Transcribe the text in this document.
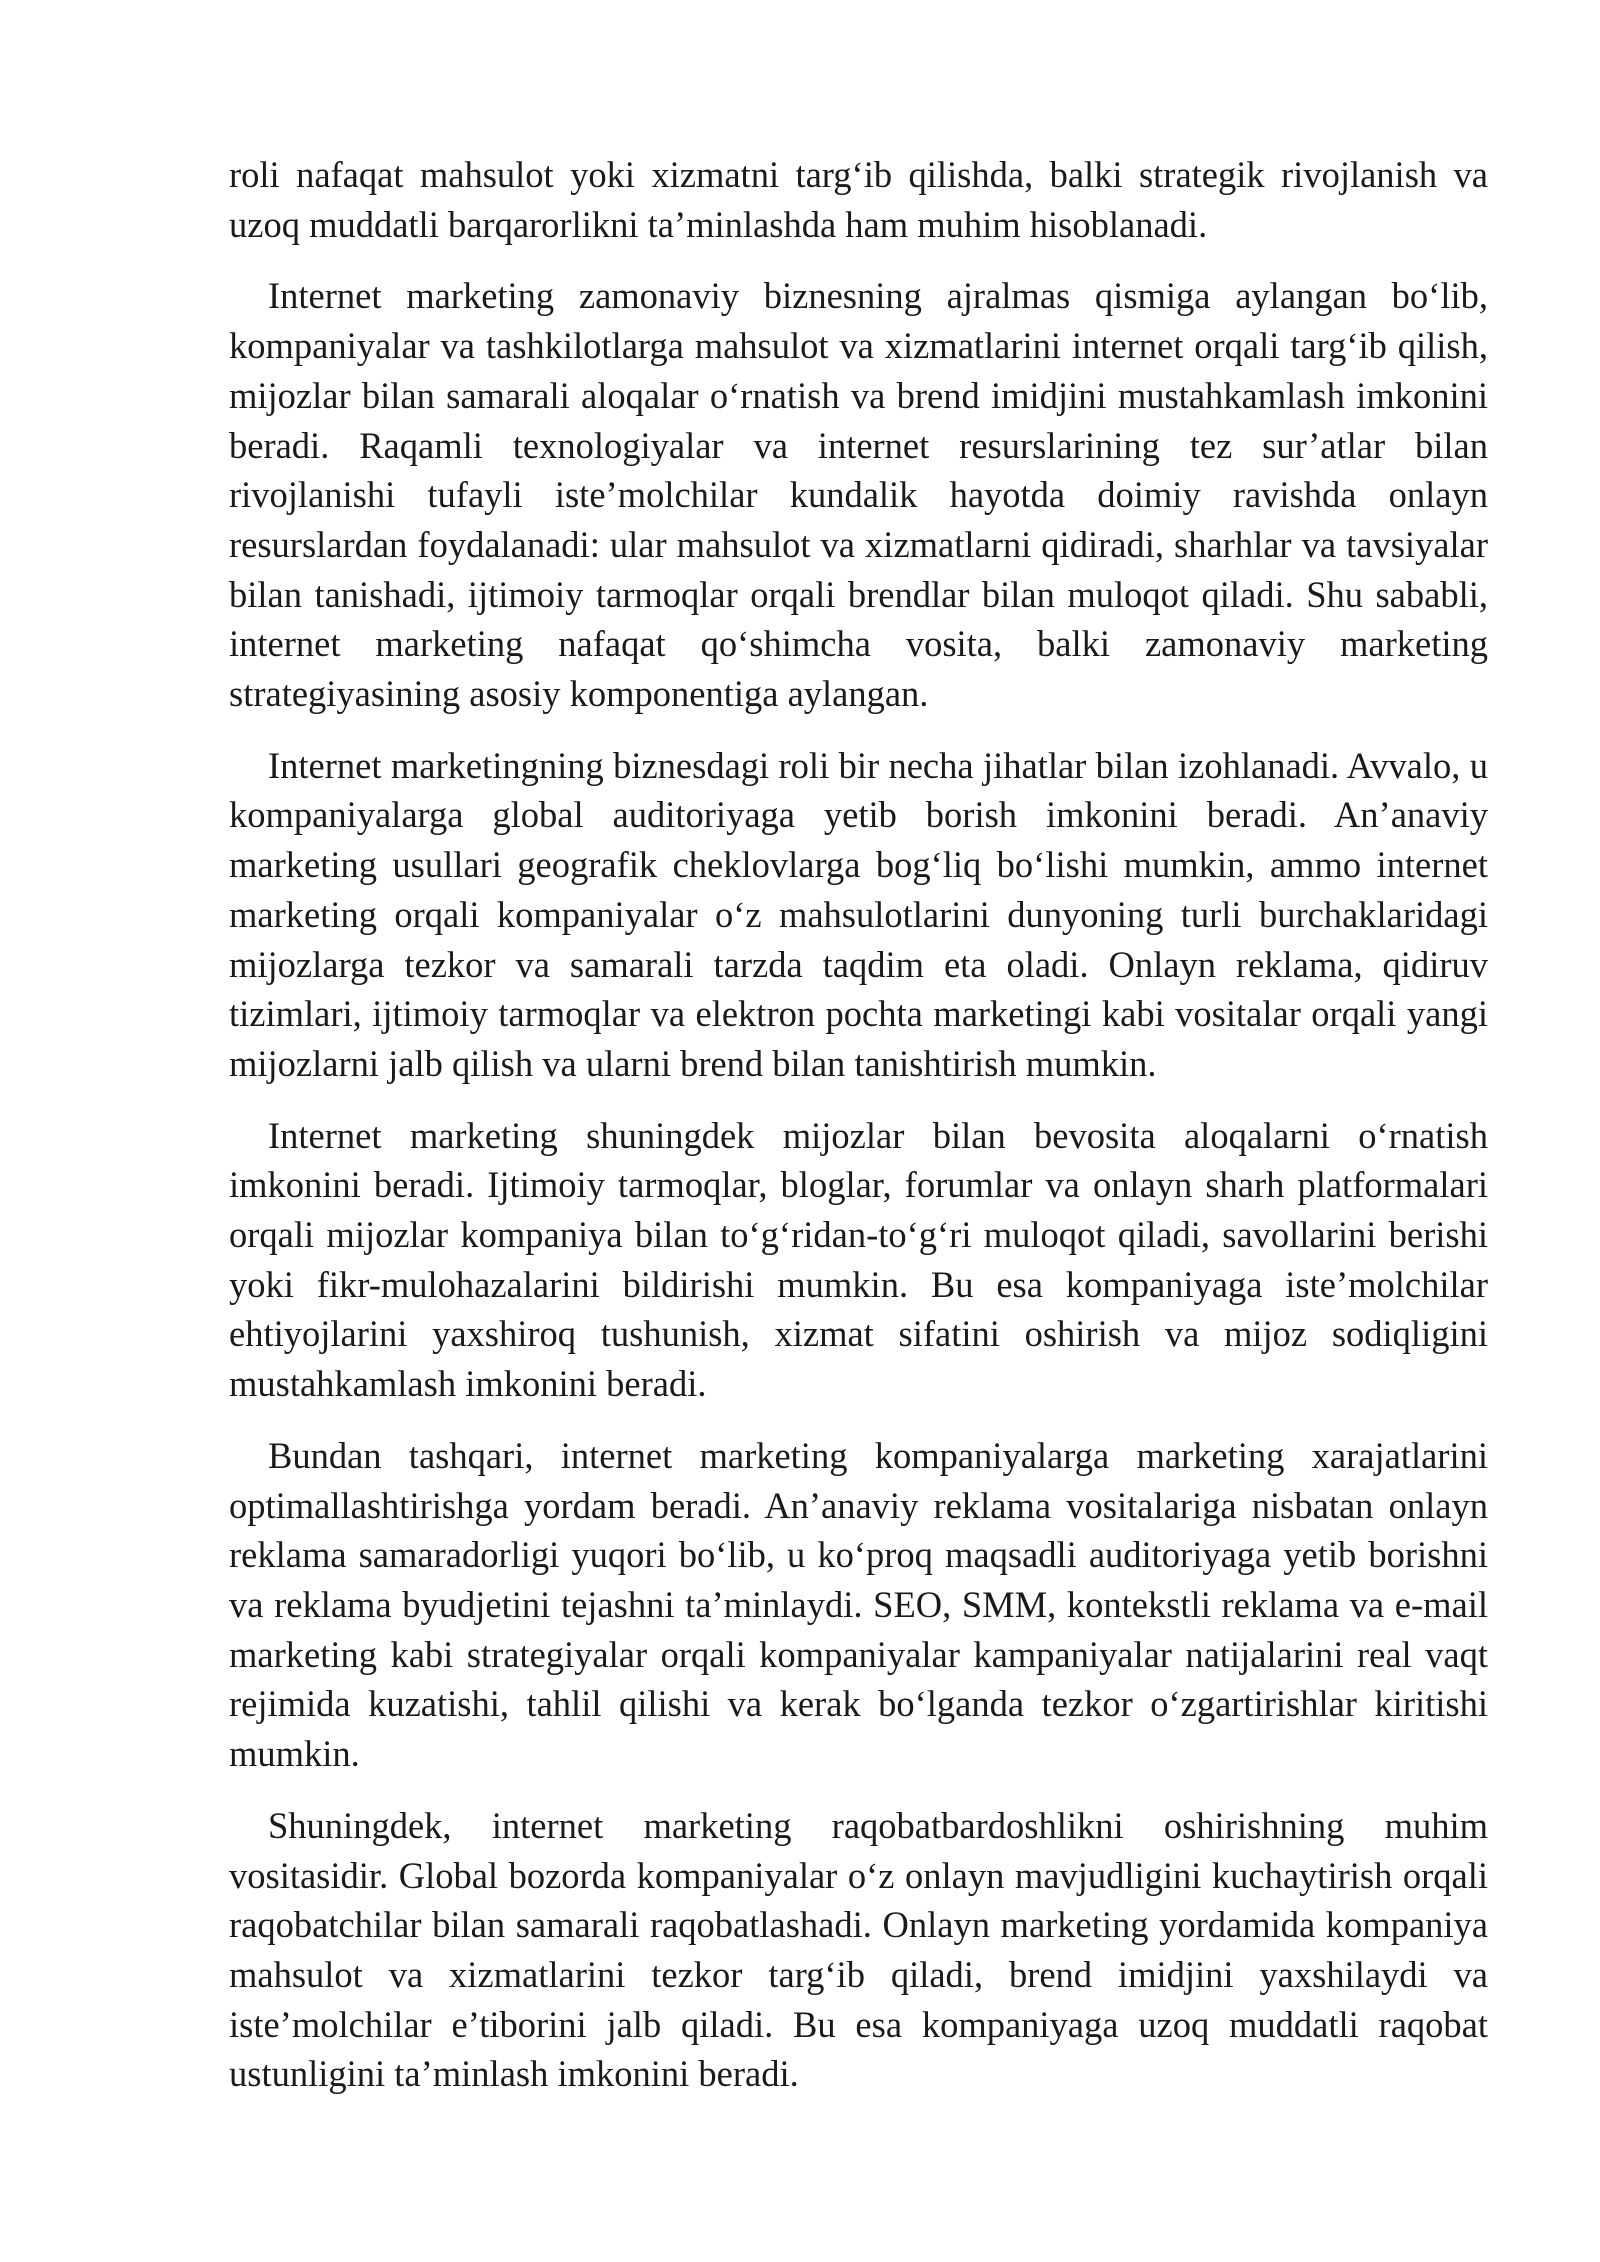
roli nafaqat mahsulot yoki xizmatni targ‘ib qilishda, balki strategik rivojlanish va uzoq muddatli barqarorlikni ta’minlashda ham muhim hisoblanadi.

Internet marketing zamonaviy biznesning ajralmas qismiga aylangan bo‘lib, kompaniyalar va tashkilotlarga mahsulot va xizmatlarini internet orqali targ‘ib qilish, mijozlar bilan samarali aloqalar o‘rnatish va brend imidjini mustahkamlash imkonini beradi. Raqamli texnologiyalar va internet resurslarining tez sur’atlar bilan rivojlanishi tufayli iste’molchilar kundalik hayotda doimiy ravishda onlayn resurslardan foydalanadi: ular mahsulot va xizmatlarni qidiradi, sharhlar va tavsiyalar bilan tanishadi, ijtimoiy tarmoqlar orqali brendlar bilan muloqot qiladi. Shu sababli, internet marketing nafaqat qo‘shimcha vosita, balki zamonaviy marketing strategiyasining asosiy komponentiga aylangan.

Internet marketingning biznesdagi roli bir necha jihatlar bilan izohlanadi. Avvalo, u kompaniyalarga global auditoriyaga yetib borish imkonini beradi. An’anaviy marketing usullari geografik cheklovlarga bog‘liq bo‘lishi mumkin, ammo internet marketing orqali kompaniyalar o‘z mahsulotlarini dunyoning turli burchaklaridagi mijozlarga tezkor va samarali tarzda taqdim eta oladi. Onlayn reklama, qidiruv tizimlari, ijtimoiy tarmoqlar va elektron pochta marketingi kabi vositalar orqali yangi mijozlarni jalb qilish va ularni brend bilan tanishtirish mumkin.

Internet marketing shuningdek mijozlar bilan bevosita aloqalarni o‘rnatish imkonini beradi. Ijtimoiy tarmoqlar, bloglar, forumlar va onlayn sharh platformalari orqali mijozlar kompaniya bilan to‘g‘ridan-to‘g‘ri muloqot qiladi, savollarini berishi yoki fikr-mulohazalarini bildirishi mumkin. Bu esa kompaniyaga iste’molchilar ehtiyojlarini yaxshiroq tushunish, xizmat sifatini oshirish va mijoz sodiqligini mustahkamlash imkonini beradi.

Bundan tashqari, internet marketing kompaniyalarga marketing xarajatlarini optimallashtirishga yordam beradi. An’anaviy reklama vositalariga nisbatan onlayn reklama samaradorligi yuqori bo‘lib, u ko‘proq maqsadli auditoriyaga yetib borishni va reklama byudjetini tejashni ta’minlaydi. SEO, SMM, kontekstli reklama va e-mail marketing kabi strategiyalar orqali kompaniyalar kampaniyalar natijalarini real vaqt rejimida kuzatishi, tahlil qilishi va kerak bo‘lganda tezkor o‘zgartirishlar kiritishi mumkin.

Shuningdek, internet marketing raqobatbardoshlikni oshirishning muhim vositasidir. Global bozorda kompaniyalar o‘z onlayn mavjudligini kuchaytirish orqali raqobatchilar bilan samarali raqobatlashadi. Onlayn marketing yordamida kompaniya mahsulot va xizmatlarini tezkor targ‘ib qiladi, brend imidjini yaxshilaydi va iste’molchilar e’tiborini jalb qiladi. Bu esa kompaniyaga uzoq muddatli raqobat ustunligini ta’minlash imkonini beradi.
